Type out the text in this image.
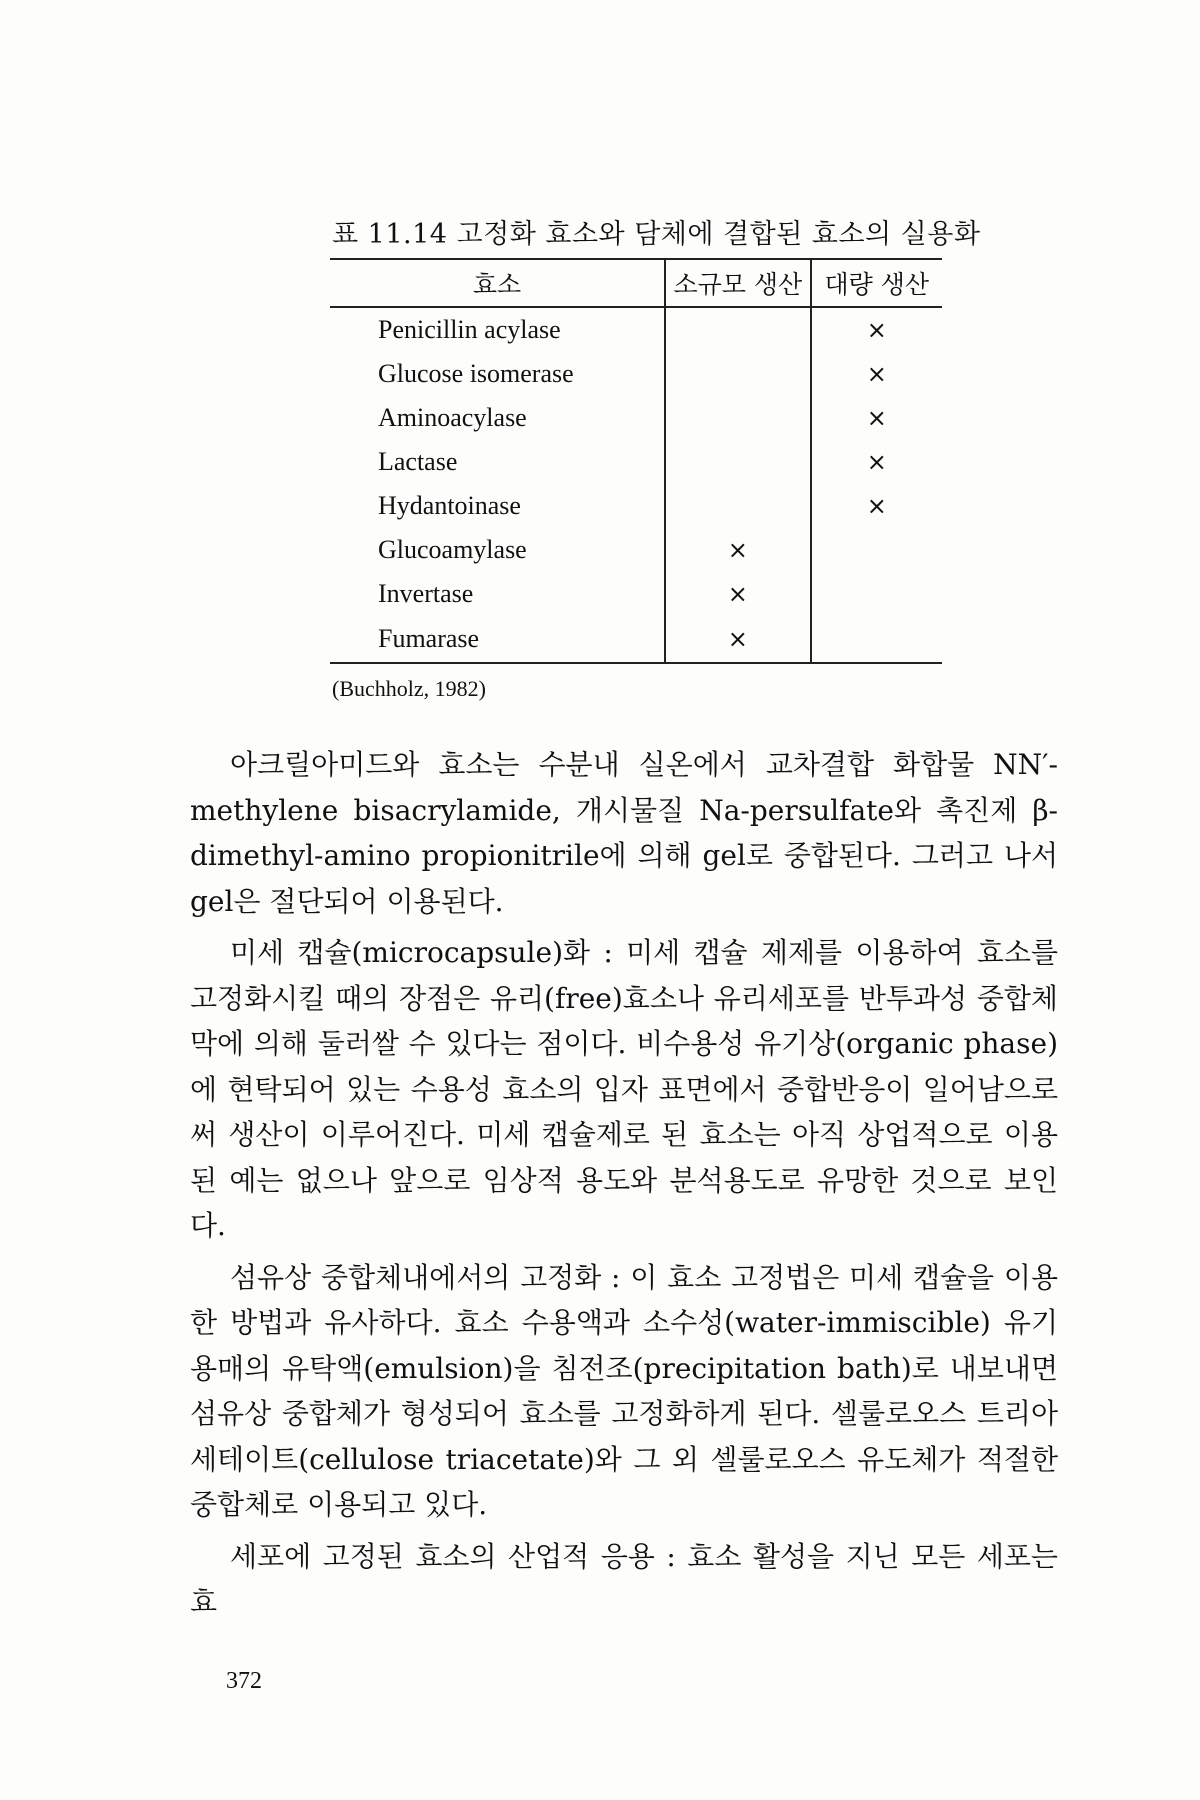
표 11.14 고정화 효소와 담체에 결합된 효소의 실용화
효소	소규모 생산	대량 생산
Penicillin acylase		×
Glucose isomerase		×
Aminoacylase		×
Lactase		×
Hydantoinase		×
Glucoamylase	×	
Invertase	×	
Fumarase	×	
(Buchholz, 1982)

아크릴아미드와 효소는 수분내 실온에서 교차결합 화합물 NN′-methylene bisacrylamide, 개시물질 Na-persulfate와 촉진제 β-dimethyl-amino propionitrile에 의해 gel로 중합된다. 그러고 나서 gel은 절단되어 이용된다.

미세 캡슐(microcapsule)화 : 미세 캡슐 제제를 이용하여 효소를 고정화시킬 때의 장점은 유리(free)효소나 유리세포를 반투과성 중합체막에 의해 둘러쌀 수 있다는 점이다. 비수용성 유기상(organic phase)에 현탁되어 있는 수용성 효소의 입자 표면에서 중합반응이 일어남으로써 생산이 이루어진다. 미세 캡슐제로 된 효소는 아직 상업적으로 이용된 예는 없으나 앞으로 임상적 용도와 분석용도로 유망한 것으로 보인다.

섬유상 중합체내에서의 고정화 : 이 효소 고정법은 미세 캡슐을 이용한 방법과 유사하다. 효소 수용액과 소수성(water-immiscible) 유기용매의 유탁액(emulsion)을 침전조(precipitation bath)로 내보내면 섬유상 중합체가 형성되어 효소를 고정화하게 된다. 셀룰로오스 트리아세테이트(cellulose triacetate)와 그 외 셀룰로오스 유도체가 적절한 중합체로 이용되고 있다.

세포에 고정된 효소의 산업적 응용 : 효소 활성을 지닌 모든 세포는 효

372
